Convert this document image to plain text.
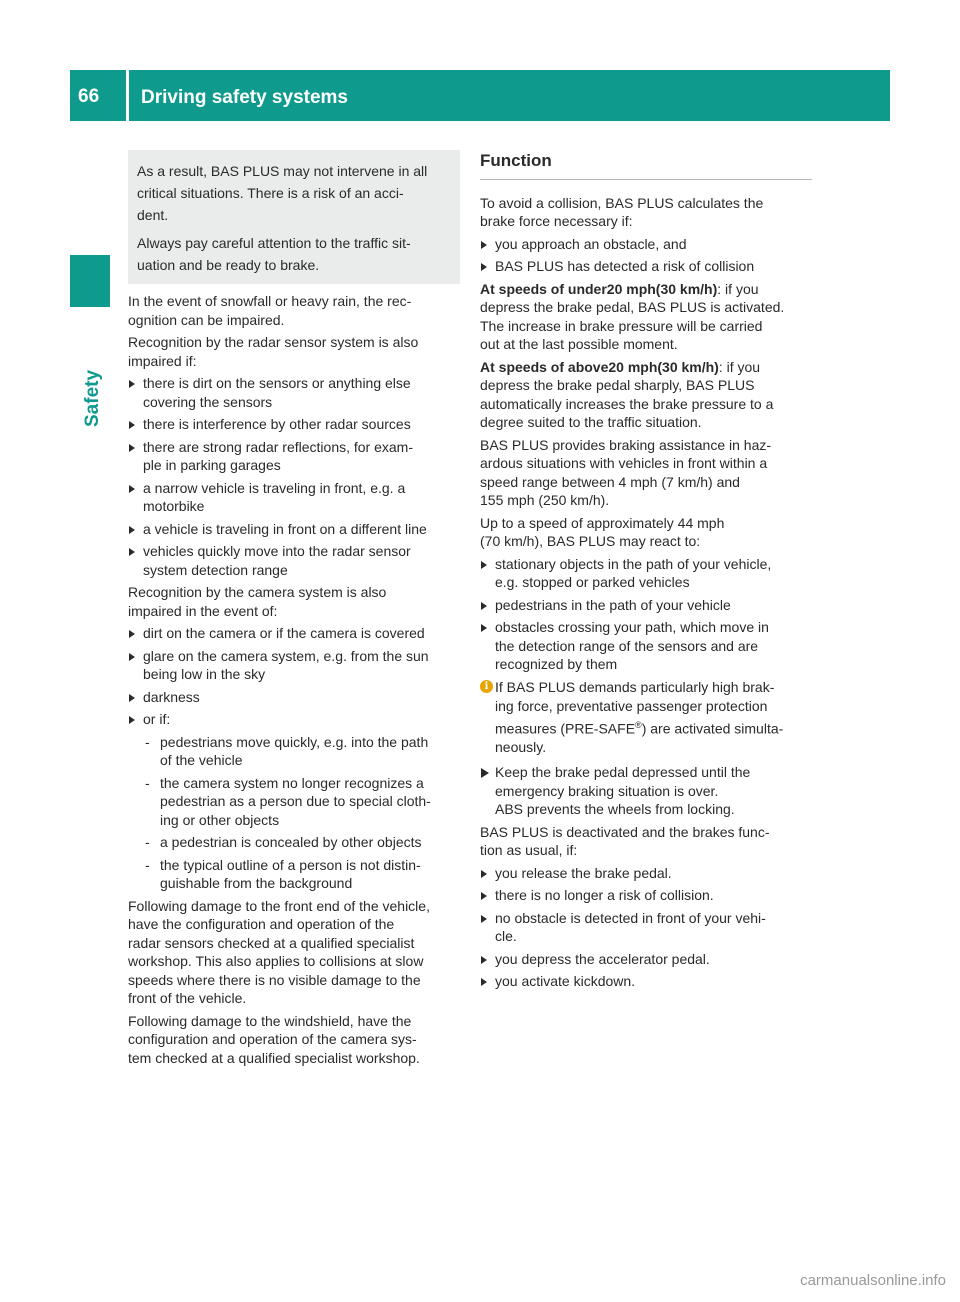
66	Driving safety systems
Safety

As a result, BAS PLUS may not intervene in all
critical situations. There is a risk of an acci-
dent.

Always pay careful attention to the traffic sit-
uation and be ready to brake.

In the event of snowfall or heavy rain, the rec-
ognition can be impaired.

Recognition by the radar sensor system is also
impaired if:

there is dirt on the sensors or anything else
covering the sensors
there is interference by other radar sources
there are strong radar reflections, for exam-
ple in parking garages
a narrow vehicle is traveling in front, e.g. a
motorbike
a vehicle is traveling in front on a different line
vehicles quickly move into the radar sensor
system detection range

Recognition by the camera system is also
impaired in the event of:

dirt on the camera or if the camera is covered
glare on the camera system, e.g. from the sun
being low in the sky
darkness
or if:
- pedestrians move quickly, e.g. into the path
of the vehicle
- the camera system no longer recognizes a
pedestrian as a person due to special cloth-
ing or other objects
- a pedestrian is concealed by other objects
- the typical outline of a person is not distin-
guishable from the background

Following damage to the front end of the vehicle,
have the configuration and operation of the
radar sensors checked at a qualified specialist
workshop. This also applies to collisions at slow
speeds where there is no visible damage to the
front of the vehicle.

Following damage to the windshield, have the
configuration and operation of the camera sys-
tem checked at a qualified specialist workshop.

Function

To avoid a collision, BAS PLUS calculates the
brake force necessary if:

you approach an obstacle, and
BAS PLUS has detected a risk of collision

At speeds of under20 mph(30 km/h): if you
depress the brake pedal, BAS PLUS is activated.
The increase in brake pressure will be carried
out at the last possible moment.

At speeds of above20 mph(30 km/h): if you
depress the brake pedal sharply, BAS PLUS
automatically increases the brake pressure to a
degree suited to the traffic situation.

BAS PLUS provides braking assistance in haz-
ardous situations with vehicles in front within a
speed range between 4 mph (7 km/h) and
155 mph (250 km/h).

Up to a speed of approximately 44 mph
(70 km/h), BAS PLUS may react to:

stationary objects in the path of your vehicle,
e.g. stopped or parked vehicles
pedestrians in the path of your vehicle
obstacles crossing your path, which move in
the detection range of the sensors and are
recognized by them
i If BAS PLUS demands particularly high brak-
ing force, preventative passenger protection
measures (PRE-SAFE®) are activated simulta-
neously.
Keep the brake pedal depressed until the
emergency braking situation is over.
ABS prevents the wheels from locking.

BAS PLUS is deactivated and the brakes func-
tion as usual, if:

you release the brake pedal.
there is no longer a risk of collision.
no obstacle is detected in front of your vehi-
cle.
you depress the accelerator pedal.
you activate kickdown.
carmanualsonline.info
